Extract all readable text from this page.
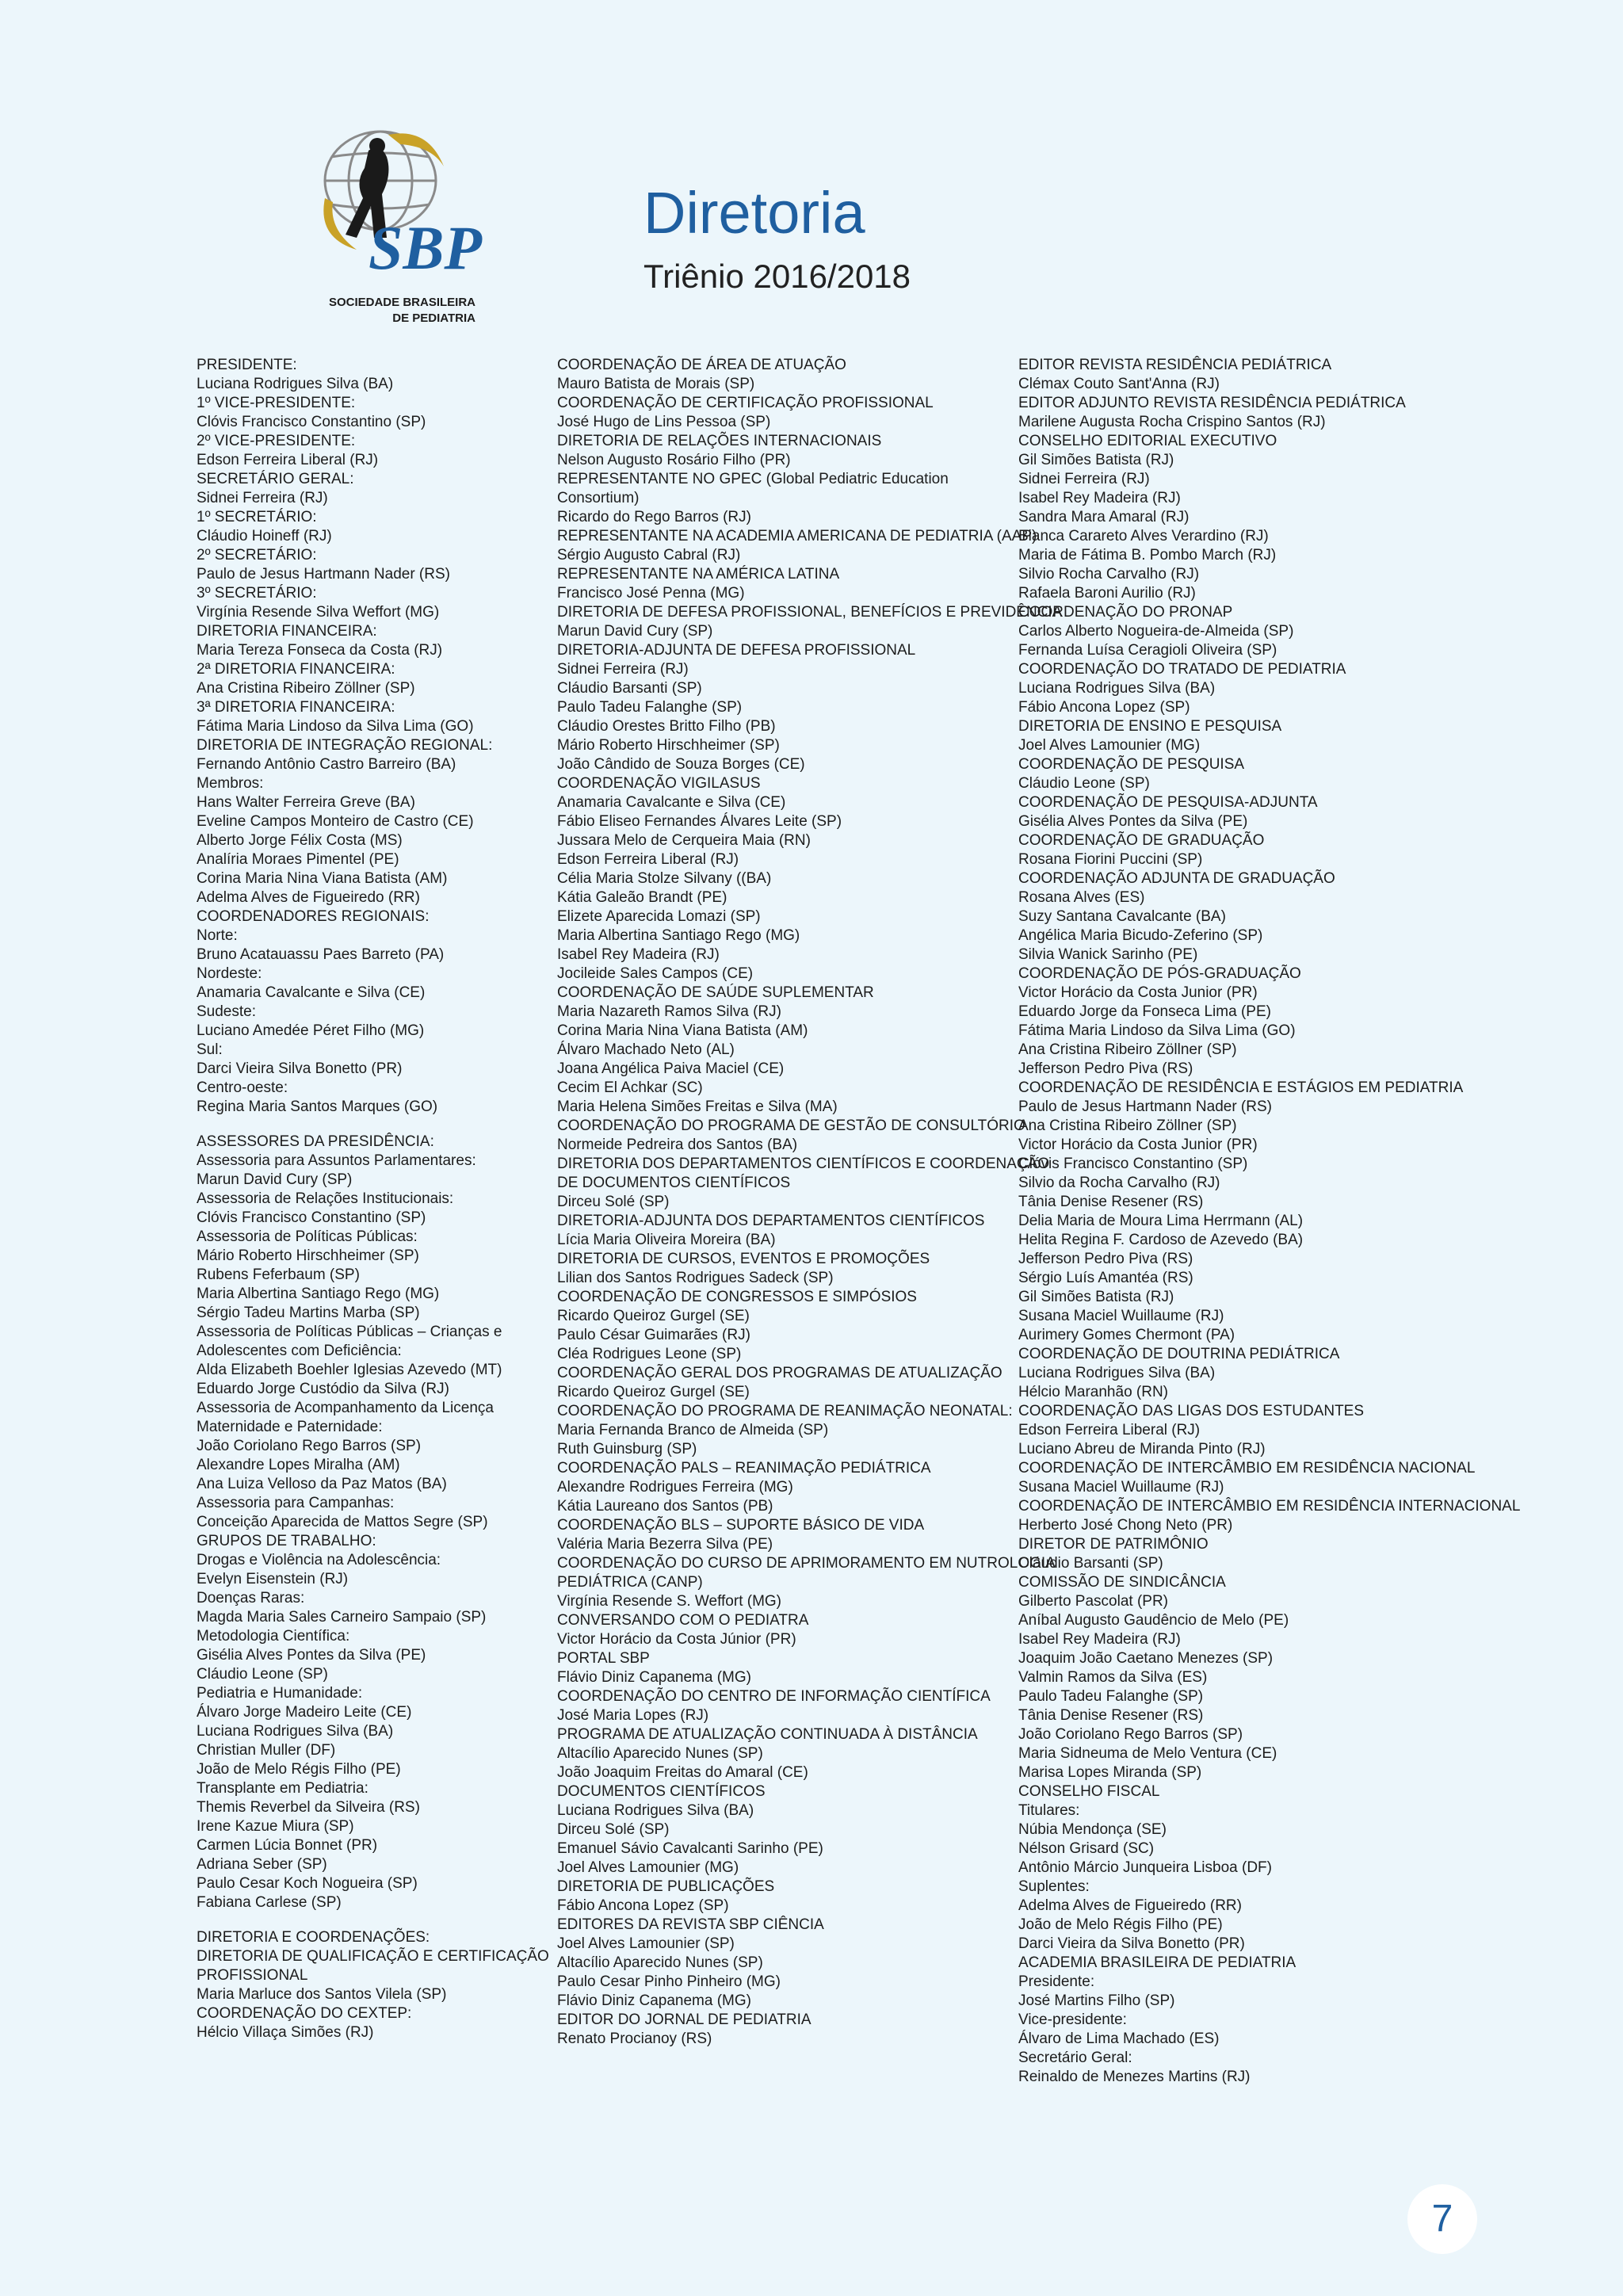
SBP
SOCIEDADE BRASILEIRA
DE PEDIATRIA
Diretoria
Triênio 2016/2018
PRESIDENTE:
Luciana Rodrigues Silva (BA)
1º VICE-PRESIDENTE:
Clóvis Francisco Constantino (SP)
2º VICE-PRESIDENTE:
Edson Ferreira Liberal (RJ)
SECRETÁRIO GERAL:
Sidnei Ferreira (RJ)
1º SECRETÁRIO:
Cláudio Hoineff (RJ)
2º SECRETÁRIO:
Paulo de Jesus Hartmann Nader (RS)
3º SECRETÁRIO:
Virgínia Resende Silva Weffort (MG)
DIRETORIA FINANCEIRA:
Maria Tereza Fonseca da Costa (RJ)
2ª DIRETORIA FINANCEIRA:
Ana Cristina Ribeiro Zöllner (SP)
3ª DIRETORIA FINANCEIRA:
Fátima Maria Lindoso da Silva Lima (GO)
DIRETORIA DE INTEGRAÇÃO REGIONAL:
Fernando Antônio Castro Barreiro (BA)
Membros:
Hans Walter Ferreira Greve (BA)
Eveline Campos Monteiro de Castro (CE)
Alberto Jorge Félix Costa (MS)
Analíria Moraes Pimentel (PE)
Corina Maria Nina Viana Batista (AM)
Adelma Alves de Figueiredo (RR)
COORDENADORES REGIONAIS:
Norte:
Bruno Acatauassu Paes Barreto (PA)
Nordeste:
Anamaria Cavalcante e Silva (CE)
Sudeste:
Luciano Amedée Péret Filho (MG)
Sul:
Darci Vieira Silva Bonetto (PR)
Centro-oeste:
Regina Maria Santos Marques (GO)
ASSESSORES DA PRESIDÊNCIA:
Assessoria para Assuntos Parlamentares:
Marun David Cury (SP)
Assessoria de Relações Institucionais:
Clóvis Francisco Constantino (SP)
Assessoria de Políticas Públicas:
Mário Roberto Hirschheimer (SP)
Rubens Feferbaum (SP)
Maria Albertina Santiago Rego (MG)
Sérgio Tadeu Martins Marba (SP)
Assessoria de Políticas Públicas – Crianças e
Adolescentes com Deficiência:
Alda Elizabeth Boehler Iglesias Azevedo (MT)
Eduardo Jorge Custódio da Silva (RJ)
Assessoria de Acompanhamento da Licença
Maternidade e Paternidade:
João Coriolano Rego Barros (SP)
Alexandre Lopes Miralha (AM)
Ana Luiza Velloso da Paz Matos (BA)
Assessoria para Campanhas:
Conceição Aparecida de Mattos Segre (SP)
GRUPOS DE TRABALHO:
Drogas e Violência na Adolescência:
Evelyn Eisenstein (RJ)
Doenças Raras:
Magda Maria Sales Carneiro Sampaio (SP)
Metodologia Científica:
Gisélia Alves Pontes da Silva (PE)
Cláudio Leone (SP)
Pediatria e Humanidade:
Álvaro Jorge Madeiro Leite (CE)
Luciana Rodrigues Silva (BA)
Christian Muller (DF)
João de Melo Régis Filho (PE)
Transplante em Pediatria:
Themis Reverbel da Silveira (RS)
Irene Kazue Miura (SP)
Carmen Lúcia Bonnet (PR)
Adriana Seber (SP)
Paulo Cesar Koch Nogueira (SP)
Fabiana Carlese (SP)
DIRETORIA E COORDENAÇÕES:
DIRETORIA DE QUALIFICAÇÃO E CERTIFICAÇÃO
PROFISSIONAL
Maria Marluce dos Santos Vilela (SP)
COORDENAÇÃO DO CEXTEP:
Hélcio Villaça Simões (RJ)
COORDENAÇÃO DE ÁREA DE ATUAÇÃO
Mauro Batista de Morais (SP)
COORDENAÇÃO DE CERTIFICAÇÃO PROFISSIONAL
José Hugo de Lins Pessoa (SP)
DIRETORIA DE RELAÇÕES INTERNACIONAIS
Nelson Augusto Rosário Filho (PR)
REPRESENTANTE NO GPEC (Global Pediatric Education
Consortium)
Ricardo do Rego Barros (RJ)
REPRESENTANTE NA ACADEMIA AMERICANA DE PEDIATRIA (AAP)
Sérgio Augusto Cabral (RJ)
REPRESENTANTE NA AMÉRICA LATINA
Francisco José Penna (MG)
DIRETORIA DE DEFESA PROFISSIONAL, BENEFÍCIOS E PREVIDÊNCIA
Marun David Cury (SP)
DIRETORIA-ADJUNTA DE DEFESA PROFISSIONAL
Sidnei Ferreira (RJ)
Cláudio Barsanti (SP)
Paulo Tadeu Falanghe (SP)
Cláudio Orestes Britto Filho (PB)
Mário Roberto Hirschheimer (SP)
João Cândido de Souza Borges (CE)
COORDENAÇÃO VIGILASUS
Anamaria Cavalcante e Silva (CE)
Fábio Eliseo Fernandes Álvares Leite (SP)
Jussara Melo de Cerqueira Maia (RN)
Edson Ferreira Liberal (RJ)
Célia Maria Stolze Silvany ((BA)
Kátia Galeão Brandt (PE)
Elizete Aparecida Lomazi (SP)
Maria Albertina Santiago Rego (MG)
Isabel Rey Madeira (RJ)
Jocileide Sales Campos (CE)
COORDENAÇÃO DE SAÚDE SUPLEMENTAR
Maria Nazareth Ramos Silva (RJ)
Corina Maria Nina Viana Batista (AM)
Álvaro Machado Neto (AL)
Joana Angélica Paiva Maciel (CE)
Cecim El Achkar (SC)
Maria Helena Simões Freitas e Silva (MA)
COORDENAÇÃO DO PROGRAMA DE GESTÃO DE CONSULTÓRIO
Normeide Pedreira dos Santos (BA)
DIRETORIA DOS DEPARTAMENTOS CIENTÍFICOS E COORDENAÇÃO
DE DOCUMENTOS CIENTÍFICOS
Dirceu Solé (SP)
DIRETORIA-ADJUNTA DOS DEPARTAMENTOS CIENTÍFICOS
Lícia Maria Oliveira Moreira (BA)
DIRETORIA DE CURSOS, EVENTOS E PROMOÇÕES
Lilian dos Santos Rodrigues Sadeck (SP)
COORDENAÇÃO DE CONGRESSOS E SIMPÓSIOS
Ricardo Queiroz Gurgel (SE)
Paulo César Guimarães (RJ)
Cléa Rodrigues Leone (SP)
COORDENAÇÃO GERAL DOS PROGRAMAS DE ATUALIZAÇÃO
Ricardo Queiroz Gurgel (SE)
COORDENAÇÃO DO PROGRAMA DE REANIMAÇÃO NEONATAL:
Maria Fernanda Branco de Almeida (SP)
Ruth Guinsburg (SP)
COORDENAÇÃO PALS – REANIMAÇÃO PEDIÁTRICA
Alexandre Rodrigues Ferreira (MG)
Kátia Laureano dos Santos (PB)
COORDENAÇÃO BLS – SUPORTE BÁSICO DE VIDA
Valéria Maria Bezerra Silva (PE)
COORDENAÇÃO DO CURSO DE APRIMORAMENTO EM NUTROLOGIA
PEDIÁTRICA (CANP)
Virgínia Resende S. Weffort (MG)
CONVERSANDO COM O PEDIATRA
Victor Horácio da Costa Júnior (PR)
PORTAL SBP
Flávio Diniz Capanema (MG)
COORDENAÇÃO DO CENTRO DE INFORMAÇÃO CIENTÍFICA
José Maria Lopes (RJ)
PROGRAMA DE ATUALIZAÇÃO CONTINUADA À DISTÂNCIA
Altacílio Aparecido Nunes (SP)
João Joaquim Freitas do Amaral (CE)
DOCUMENTOS CIENTÍFICOS
Luciana Rodrigues Silva (BA)
Dirceu Solé (SP)
Emanuel Sávio Cavalcanti Sarinho (PE)
Joel Alves Lamounier (MG)
DIRETORIA DE PUBLICAÇÕES
Fábio Ancona Lopez (SP)
EDITORES DA REVISTA SBP CIÊNCIA
Joel Alves Lamounier (SP)
Altacílio Aparecido Nunes (SP)
Paulo Cesar Pinho Pinheiro (MG)
Flávio Diniz Capanema (MG)
EDITOR DO JORNAL DE PEDIATRIA
Renato Procianoy (RS)
EDITOR REVISTA RESIDÊNCIA PEDIÁTRICA
Clémax Couto Sant'Anna (RJ)
EDITOR ADJUNTO REVISTA RESIDÊNCIA PEDIÁTRICA
Marilene Augusta Rocha Crispino Santos (RJ)
CONSELHO EDITORIAL EXECUTIVO
Gil Simões Batista (RJ)
Sidnei Ferreira (RJ)
Isabel Rey Madeira (RJ)
Sandra Mara Amaral (RJ)
Bianca Carareto Alves Verardino (RJ)
Maria de Fátima B. Pombo March (RJ)
Silvio Rocha Carvalho (RJ)
Rafaela Baroni Aurilio (RJ)
COORDENAÇÃO DO PRONAP
Carlos Alberto Nogueira-de-Almeida (SP)
Fernanda Luísa Ceragioli Oliveira (SP)
COORDENAÇÃO DO TRATADO DE PEDIATRIA
Luciana Rodrigues Silva (BA)
Fábio Ancona Lopez (SP)
DIRETORIA DE ENSINO E PESQUISA
Joel Alves Lamounier (MG)
COORDENAÇÃO DE PESQUISA
Cláudio Leone (SP)
COORDENAÇÃO DE PESQUISA-ADJUNTA
Gisélia Alves Pontes da Silva (PE)
COORDENAÇÃO DE GRADUAÇÃO
Rosana Fiorini Puccini (SP)
COORDENAÇÃO ADJUNTA DE GRADUAÇÃO
Rosana Alves (ES)
Suzy Santana Cavalcante (BA)
Angélica Maria Bicudo-Zeferino (SP)
Silvia Wanick Sarinho (PE)
COORDENAÇÃO DE PÓS-GRADUAÇÃO
Victor Horácio da Costa Junior (PR)
Eduardo Jorge da Fonseca Lima (PE)
Fátima Maria Lindoso da Silva Lima (GO)
Ana Cristina Ribeiro Zöllner (SP)
Jefferson Pedro Piva (RS)
COORDENAÇÃO DE RESIDÊNCIA E ESTÁGIOS EM PEDIATRIA
Paulo de Jesus Hartmann Nader (RS)
Ana Cristina Ribeiro Zöllner (SP)
Victor Horácio da Costa Junior (PR)
Clóvis Francisco Constantino (SP)
Silvio da Rocha Carvalho (RJ)
Tânia Denise Resener (RS)
Delia Maria de Moura Lima Herrmann (AL)
Helita Regina F. Cardoso de Azevedo (BA)
Jefferson Pedro Piva (RS)
Sérgio Luís Amantéa (RS)
Gil Simões Batista (RJ)
Susana Maciel Wuillaume (RJ)
Aurimery Gomes Chermont (PA)
COORDENAÇÃO DE DOUTRINA PEDIÁTRICA
Luciana Rodrigues Silva (BA)
Hélcio Maranhão (RN)
COORDENAÇÃO DAS LIGAS DOS ESTUDANTES
Edson Ferreira Liberal (RJ)
Luciano Abreu de Miranda Pinto (RJ)
COORDENAÇÃO DE INTERCÂMBIO EM RESIDÊNCIA NACIONAL
Susana Maciel Wuillaume (RJ)
COORDENAÇÃO DE INTERCÂMBIO EM RESIDÊNCIA INTERNACIONAL
Herberto José Chong Neto (PR)
DIRETOR DE PATRIMÔNIO
Cláudio Barsanti (SP)
COMISSÃO DE SINDICÂNCIA
Gilberto Pascolat (PR)
Aníbal Augusto Gaudêncio de Melo (PE)
Isabel Rey Madeira (RJ)
Joaquim João Caetano Menezes (SP)
Valmin Ramos da Silva (ES)
Paulo Tadeu Falanghe (SP)
Tânia Denise Resener (RS)
João Coriolano Rego Barros (SP)
Maria Sidneuma de Melo Ventura (CE)
Marisa Lopes Miranda (SP)
CONSELHO FISCAL
Titulares:
Núbia Mendonça (SE)
Nélson Grisard (SC)
Antônio Márcio Junqueira Lisboa (DF)
Suplentes:
Adelma Alves de Figueiredo (RR)
João de Melo Régis Filho (PE)
Darci Vieira da Silva Bonetto (PR)
ACADEMIA BRASILEIRA DE PEDIATRIA
Presidente:
José Martins Filho (SP)
Vice-presidente:
Álvaro de Lima Machado (ES)
Secretário Geral:
Reinaldo de Menezes Martins (RJ)
7
